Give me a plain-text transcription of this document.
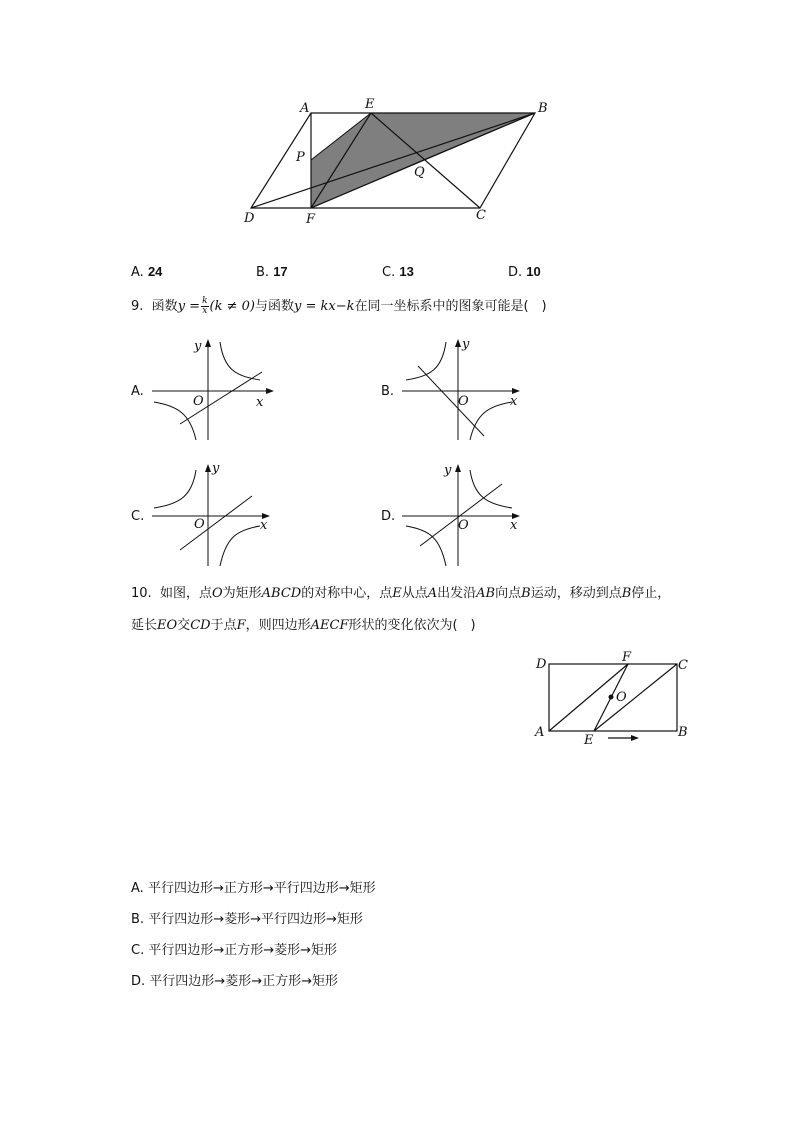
A	E	B
P
Q
D	F	C
A. 24	B. 17	C. 13	D. 10
9. 函数$y = \frac{k}{x} (k \ne 0)$与函数y = kx−k在同一坐标系中的图象可能是(　)
A.
x
y
O
B.
x
y
O
C.
x
y
O
D.
x
y
O
10. 如图，点O为矩形ABCD的对称中心，点E从点A出发沿AB向点B运动，移动到点B停止，
延长EO交CD于点F，则四边形AECF形状的变化依次为(　)
D	F
C
O
A
E
B
A. 平行四边形→正方形→平行四边形→矩形
B. 平行四边形→菱形→平行四边形→矩形
C. 平行四边形→正方形→菱形→矩形
D. 平行四边形→菱形→正方形→矩形
